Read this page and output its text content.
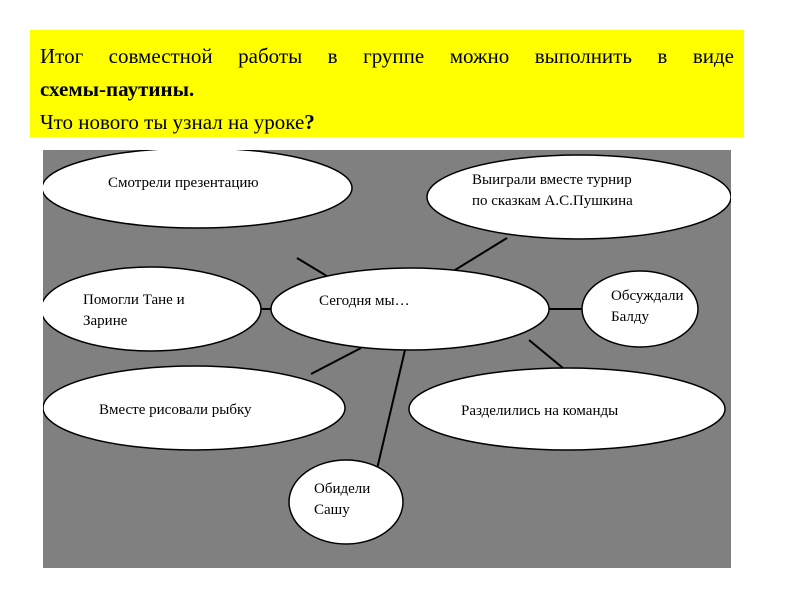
Итог совместной работы в группе можно выполнить в виде
схемы-паутины.
Что нового ты узнал на уроке?
Сегодня мы…
Смотрели презентацию	Выиграли вместе турнир
по сказкам А.С.Пушкина
Помогли Тане и
Зарине
Обсуждали
Балду
Вместе рисовали рыбку	Разделились на команды
Обидели
Сашу
